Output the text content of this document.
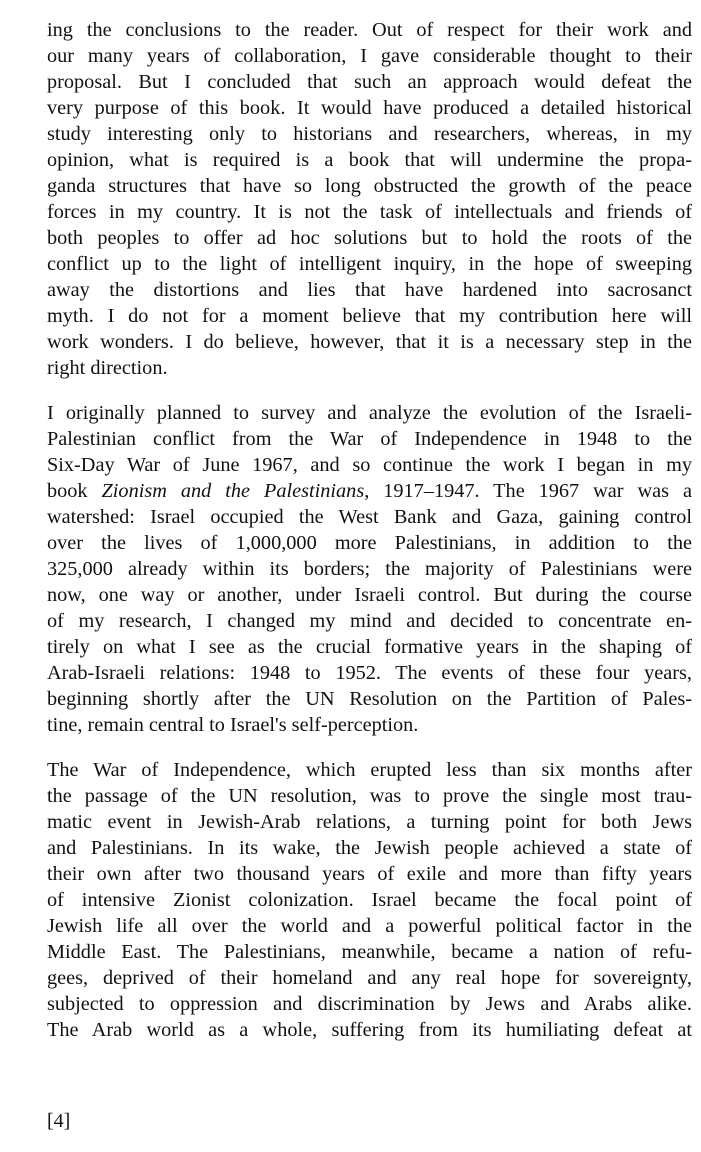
ing the conclusions to the reader. Out of respect for their work and
our many years of collaboration, I gave considerable thought to their
proposal. But I concluded that such an approach would defeat the
very purpose of this book. It would have produced a detailed historical
study interesting only to historians and researchers, whereas, in my
opinion, what is required is a book that will undermine the propa-
ganda structures that have so long obstructed the growth of the peace
forces in my country. It is not the task of intellectuals and friends of
both peoples to offer ad hoc solutions but to hold the roots of the
conflict up to the light of intelligent inquiry, in the hope of sweeping
away the distortions and lies that have hardened into sacrosanct
myth. I do not for a moment believe that my contribution here will
work wonders. I do believe, however, that it is a necessary step in the
right direction.
I originally planned to survey and analyze the evolution of the Israeli-
Palestinian conflict from the War of Independence in 1948 to the
Six-Day War of June 1967, and so continue the work I began in my
book Zionism and the Palestinians, 1917–1947. The 1967 war was a
watershed: Israel occupied the West Bank and Gaza, gaining control
over the lives of 1,000,000 more Palestinians, in addition to the
325,000 already within its borders; the majority of Palestinians were
now, one way or another, under Israeli control. But during the course
of my research, I changed my mind and decided to concentrate en-
tirely on what I see as the crucial formative years in the shaping of
Arab-Israeli relations: 1948 to 1952. The events of these four years,
beginning shortly after the UN Resolution on the Partition of Pales-
tine, remain central to Israel's self-perception.
The War of Independence, which erupted less than six months after
the passage of the UN resolution, was to prove the single most trau-
matic event in Jewish-Arab relations, a turning point for both Jews
and Palestinians. In its wake, the Jewish people achieved a state of
their own after two thousand years of exile and more than fifty years
of intensive Zionist colonization. Israel became the focal point of
Jewish life all over the world and a powerful political factor in the
Middle East. The Palestinians, meanwhile, became a nation of refu-
gees, deprived of their homeland and any real hope for sovereignty,
subjected to oppression and discrimination by Jews and Arabs alike.
The Arab world as a whole, suffering from its humiliating defeat at
[4]
